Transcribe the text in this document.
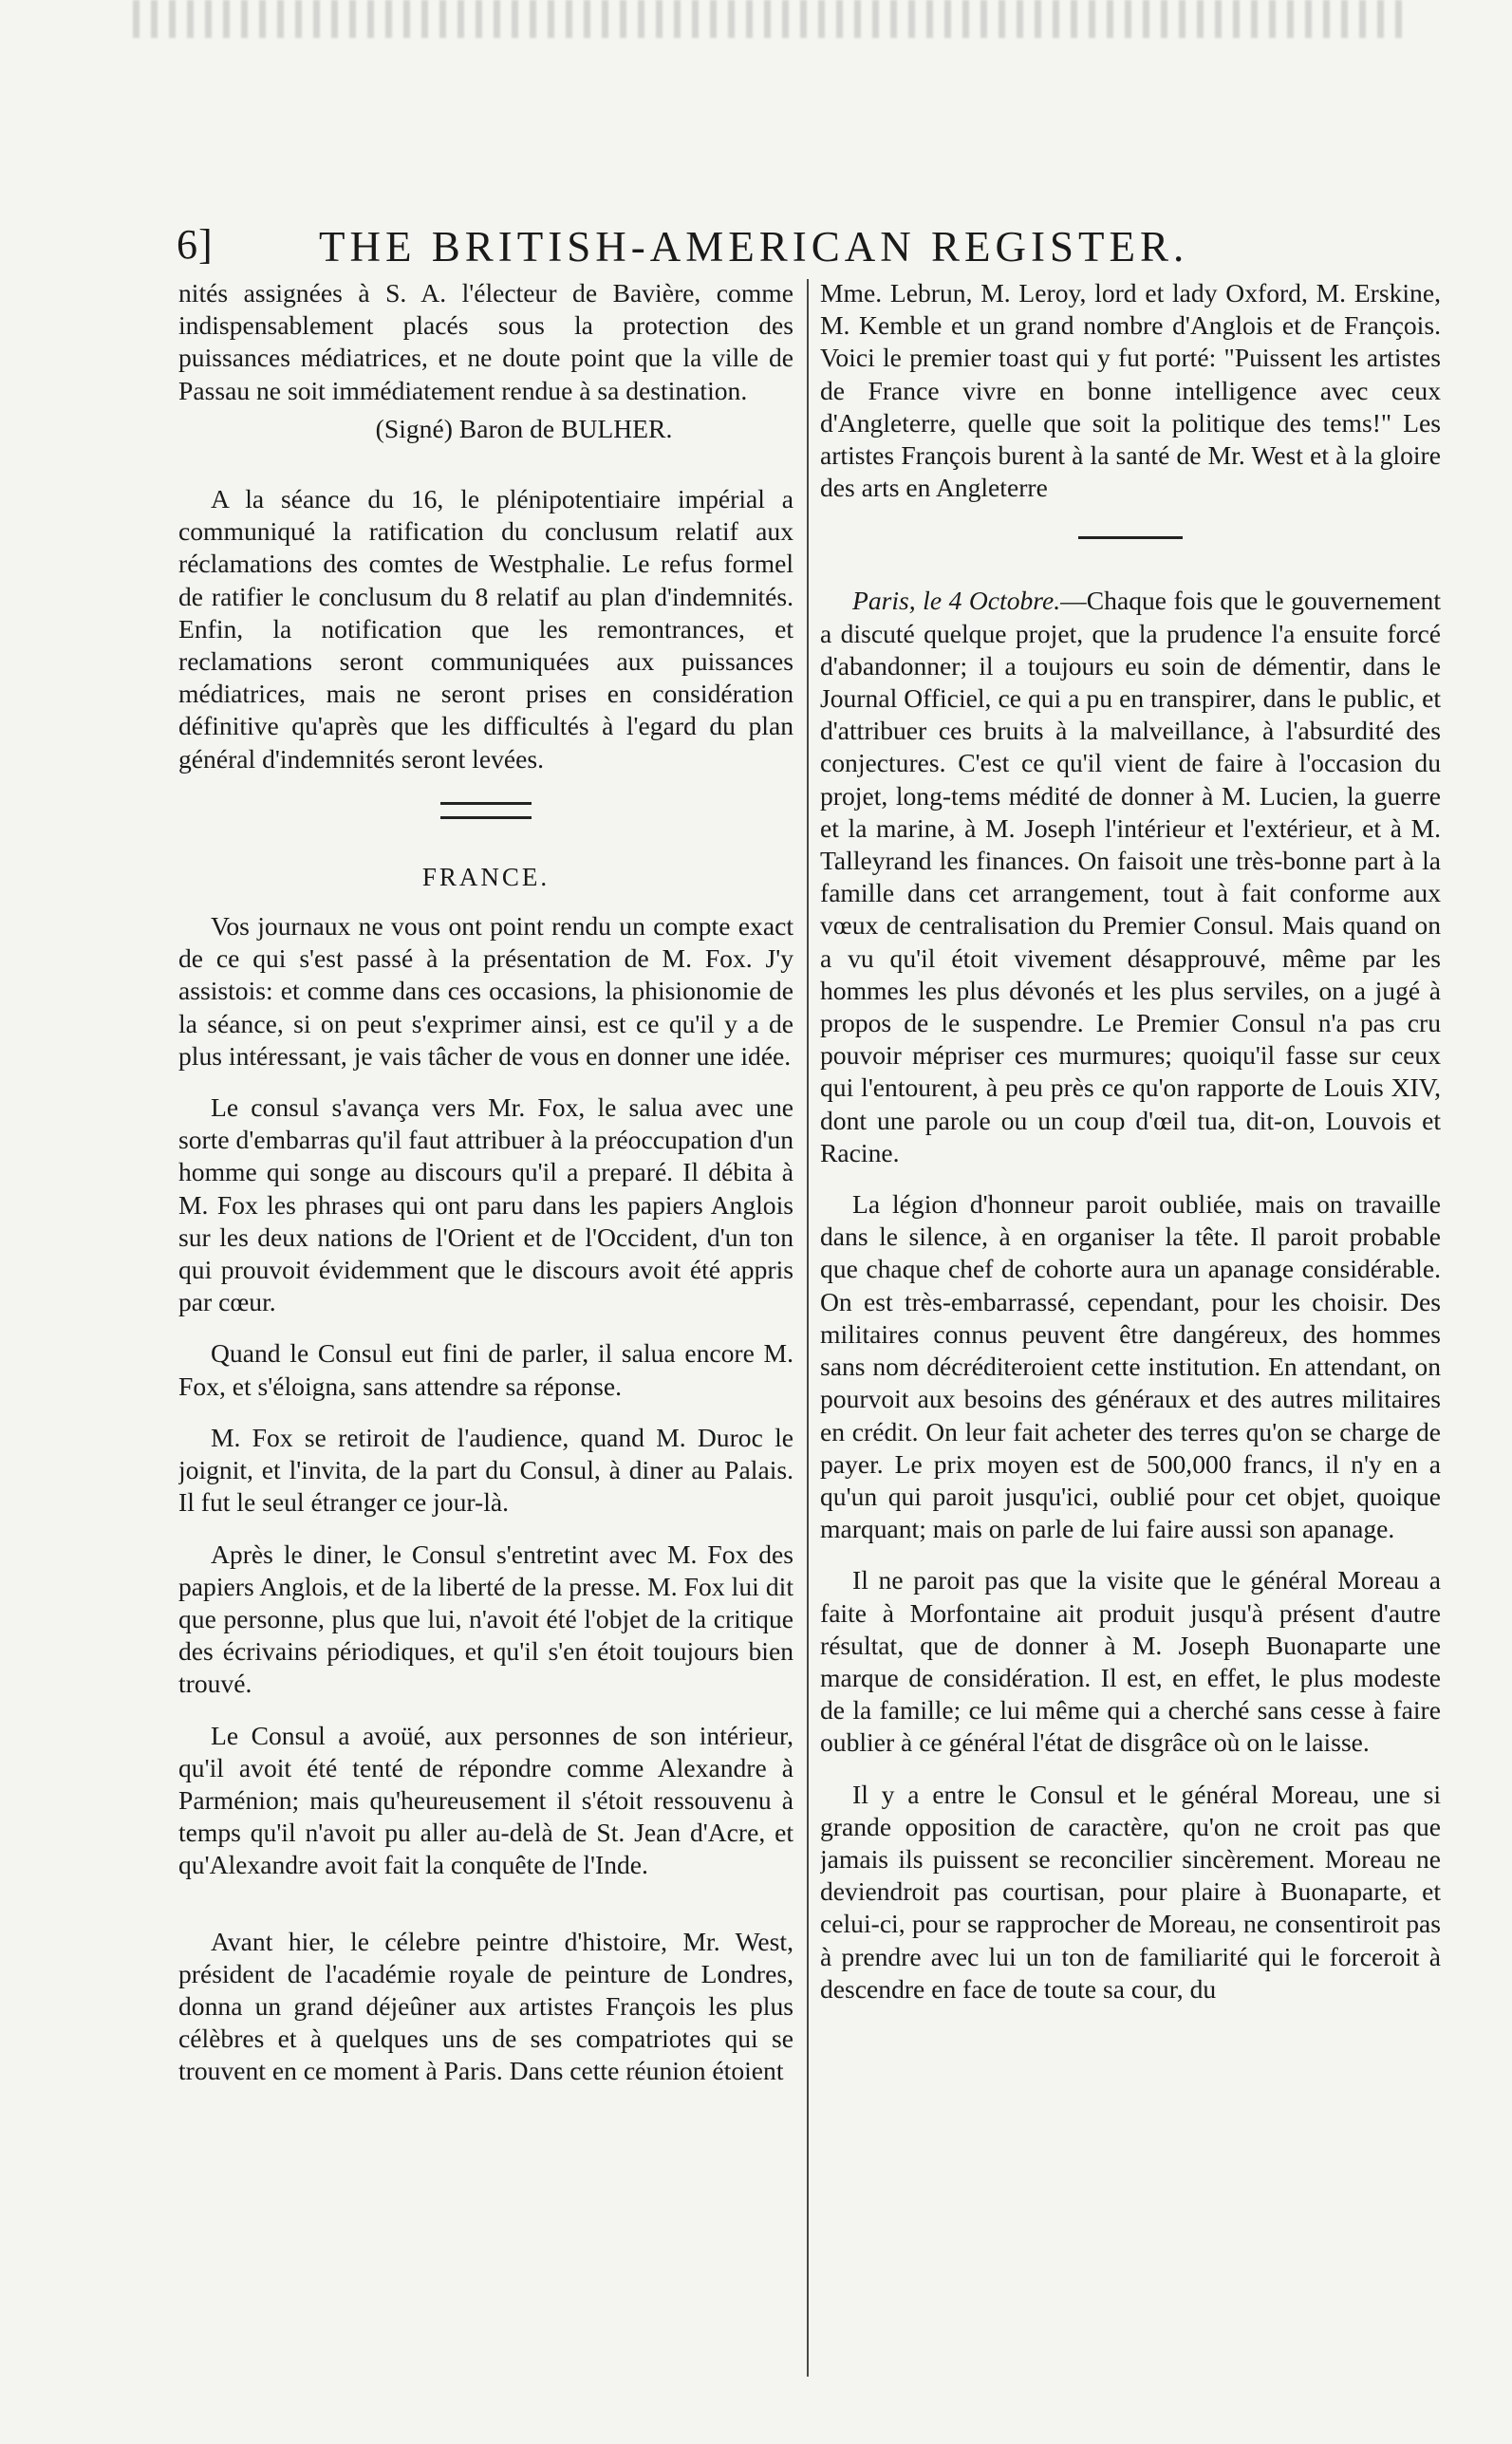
6] THE BRITISH-AMERICAN REGISTER.

nités assignées à S. A. l'électeur de Bavière, comme indispensablement placés sous la protection des puissances médiatrices, et ne doute point que la ville de Passau ne soit immédiatement rendue à sa destination.

(Signé) Baron de BULHER.

A la séance du 16, le plénipotentiaire impérial a communiqué la ratification du conclusum relatif aux réclamations des comtes de Westphalie. Le refus formel de ratifier le conclusum du 8 relatif au plan d'indemnités. Enfin, la notification que les remontrances, et reclamations seront communiquées aux puissances médiatrices, mais ne seront prises en considération définitive qu'après que les difficultés à l'egard du plan général d'indemnités seront levées.

FRANCE.

Vos journaux ne vous ont point rendu un compte exact de ce qui s'est passé à la présentation de M. Fox. J'y assistois: et comme dans ces occasions, la phisionomie de la séance, si on peut s'exprimer ainsi, est ce qu'il y a de plus intéressant, je vais tâcher de vous en donner une idée.

Le consul s'avança vers Mr. Fox, le salua avec une sorte d'embarras qu'il faut attribuer à la préoccupation d'un homme qui songe au discours qu'il a preparé. Il débita à M. Fox les phrases qui ont paru dans les papiers Anglois sur les deux nations de l'Orient et de l'Occident, d'un ton qui prouvoit évidemment que le discours avoit été appris par cœur.

Quand le Consul eut fini de parler, il salua encore M. Fox, et s'éloigna, sans attendre sa réponse.

M. Fox se retiroit de l'audience, quand M. Duroc le joignit, et l'invita, de la part du Consul, à diner au Palais. Il fut le seul étranger ce jour-là.

Après le diner, le Consul s'entretint avec M. Fox des papiers Anglois, et de la liberté de la presse. M. Fox lui dit que personne, plus que lui, n'avoit été l'objet de la critique des écrivains périodiques, et qu'il s'en étoit toujours bien trouvé.

Le Consul a avoüé, aux personnes de son intérieur, qu'il avoit été tenté de répondre comme Alexandre à Parménion; mais qu'heureusement il s'étoit ressouvenu à temps qu'il n'avoit pu aller au-delà de St. Jean d'Acre, et qu'Alexandre avoit fait la conquête de l'Inde.

Avant hier, le célebre peintre d'histoire, Mr. West, président de l'académie royale de peinture de Londres, donna un grand déjeûner aux artistes François les plus célèbres et à quelques uns de ses compatriotes qui se trouvent en ce moment à Paris. Dans cette réunion étoient

Mme. Lebrun, M. Leroy, lord et lady Oxford, M. Erskine, M. Kemble et un grand nombre d'Anglois et de François. Voici le premier toast qui y fut porté: "Puissent les artistes de France vivre en bonne intelligence avec ceux d'Angleterre, quelle que soit la politique des tems!" Les artistes François burent à la santé de Mr. West et à la gloire des arts en Angleterre

Paris, le 4 Octobre.—Chaque fois que le gouvernement a discuté quelque projet, que la prudence l'a ensuite forcé d'abandonner; il a toujours eu soin de démentir, dans le Journal Officiel, ce qui a pu en transpirer, dans le public, et d'attribuer ces bruits à la malveillance, à l'absurdité des conjectures. C'est ce qu'il vient de faire à l'occasion du projet, long-tems médité de donner à M. Lucien, la guerre et la marine, à M. Joseph l'intérieur et l'extérieur, et à M. Talleyrand les finances. On faisoit une très-bonne part à la famille dans cet arrangement, tout à fait conforme aux vœux de centralisation du Premier Consul. Mais quand on a vu qu'il étoit vivement désapprouvé, même par les hommes les plus dévonés et les plus serviles, on a jugé à propos de le suspendre. Le Premier Consul n'a pas cru pouvoir mépriser ces murmures; quoiqu'il fasse sur ceux qui l'entourent, à peu près ce qu'on rapporte de Louis XIV, dont une parole ou un coup d'œil tua, dit-on, Louvois et Racine.

La légion d'honneur paroit oubliée, mais on travaille dans le silence, à en organiser la tête. Il paroit probable que chaque chef de cohorte aura un apanage considérable. On est très-embarrassé, cependant, pour les choisir. Des militaires connus peuvent être dangéreux, des hommes sans nom décréditeroient cette institution. En attendant, on pourvoit aux besoins des généraux et des autres militaires en crédit. On leur fait acheter des terres qu'on se charge de payer. Le prix moyen est de 500,000 francs, il n'y en a qu'un qui paroit jusqu'ici, oublié pour cet objet, quoique marquant; mais on parle de lui faire aussi son apanage.

Il ne paroit pas que la visite que le général Moreau a faite à Morfontaine ait produit jusqu'à présent d'autre résultat, que de donner à M. Joseph Buonaparte une marque de considération. Il est, en effet, le plus modeste de la famille; ce lui même qui a cherché sans cesse à faire oublier à ce général l'état de disgrâce où on le laisse.

Il y a entre le Consul et le général Moreau, une si grande opposition de caractère, qu'on ne croit pas que jamais ils puissent se reconcilier sincèrement. Moreau ne deviendroit pas courtisan, pour plaire à Buonaparte, et celui-ci, pour se rapprocher de Moreau, ne consentiroit pas à prendre avec lui un ton de familiarité qui le forceroit à descendre en face de toute sa cour, du
